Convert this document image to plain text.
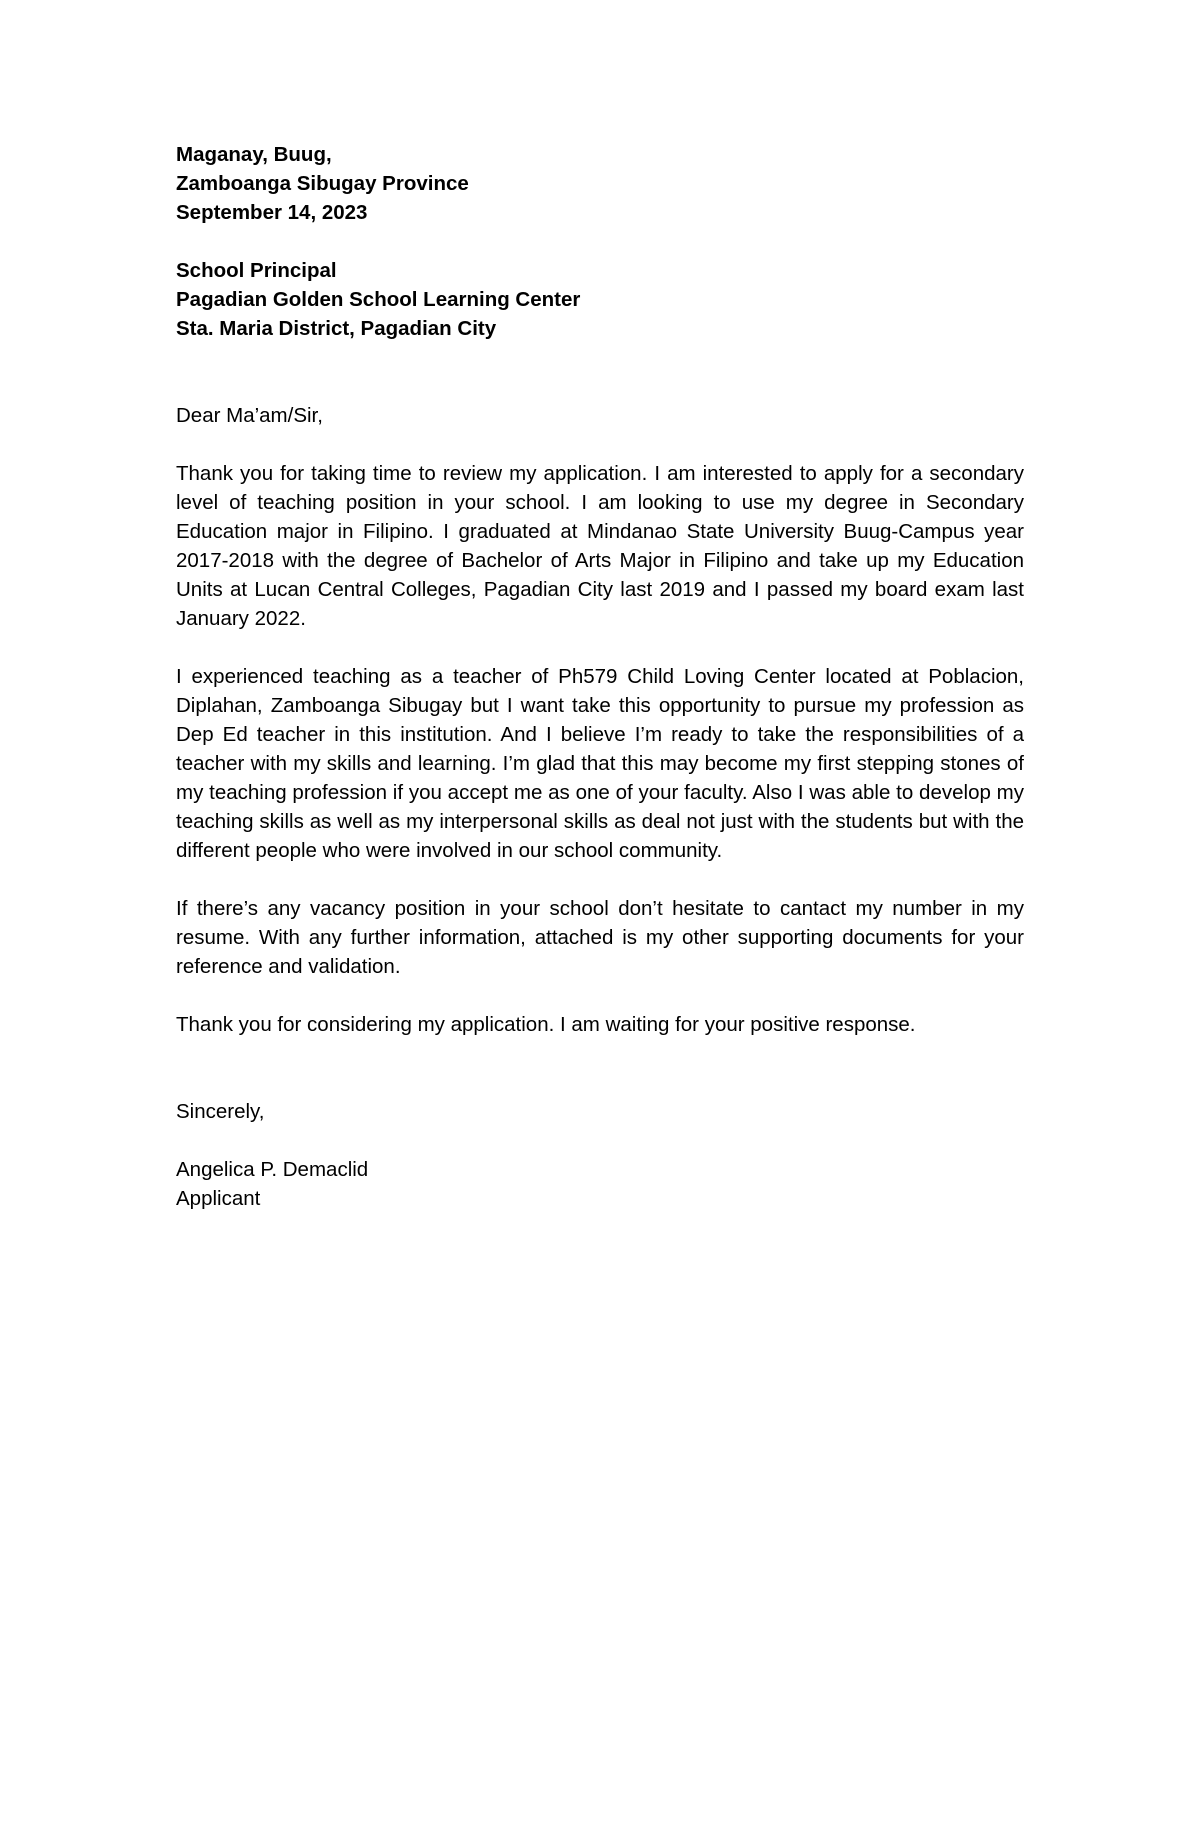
Maganay, Buug,
Zamboanga Sibugay Province
September 14, 2023
School Principal
Pagadian Golden School Learning Center
Sta. Maria District, Pagadian City

Dear Ma’am/Sir,

Thank you for taking time to review my application. I am interested to apply for a secondary level of teaching position in your school. I am looking to use my degree in Secondary Education major in Filipino. I graduated at Mindanao State University Buug-Campus year 2017-2018 with the degree of Bachelor of Arts Major in Filipino and take up my Education Units at Lucan Central Colleges, Pagadian City last 2019 and I passed my board exam last January 2022.

I experienced teaching as a teacher of Ph579 Child Loving Center located at Poblacion, Diplahan, Zamboanga Sibugay but I want take this opportunity to pursue my profession as Dep Ed teacher in this institution. And I believe I’m ready to take the responsibilities of a teacher with my skills and learning. I’m glad that this may become my first stepping stones of my teaching profession if you accept me as one of your faculty. Also I was able to develop my teaching skills as well as my interpersonal skills as deal not just with the students but with the different people who were involved in our school community.

If there’s any vacancy position in your school don’t hesitate to cantact my number in my resume. With any further information, attached is my other supporting documents for your reference and validation.

Thank you for considering my application. I am waiting for your positive response.

Sincerely,

Angelica P. Demaclid
Applicant
